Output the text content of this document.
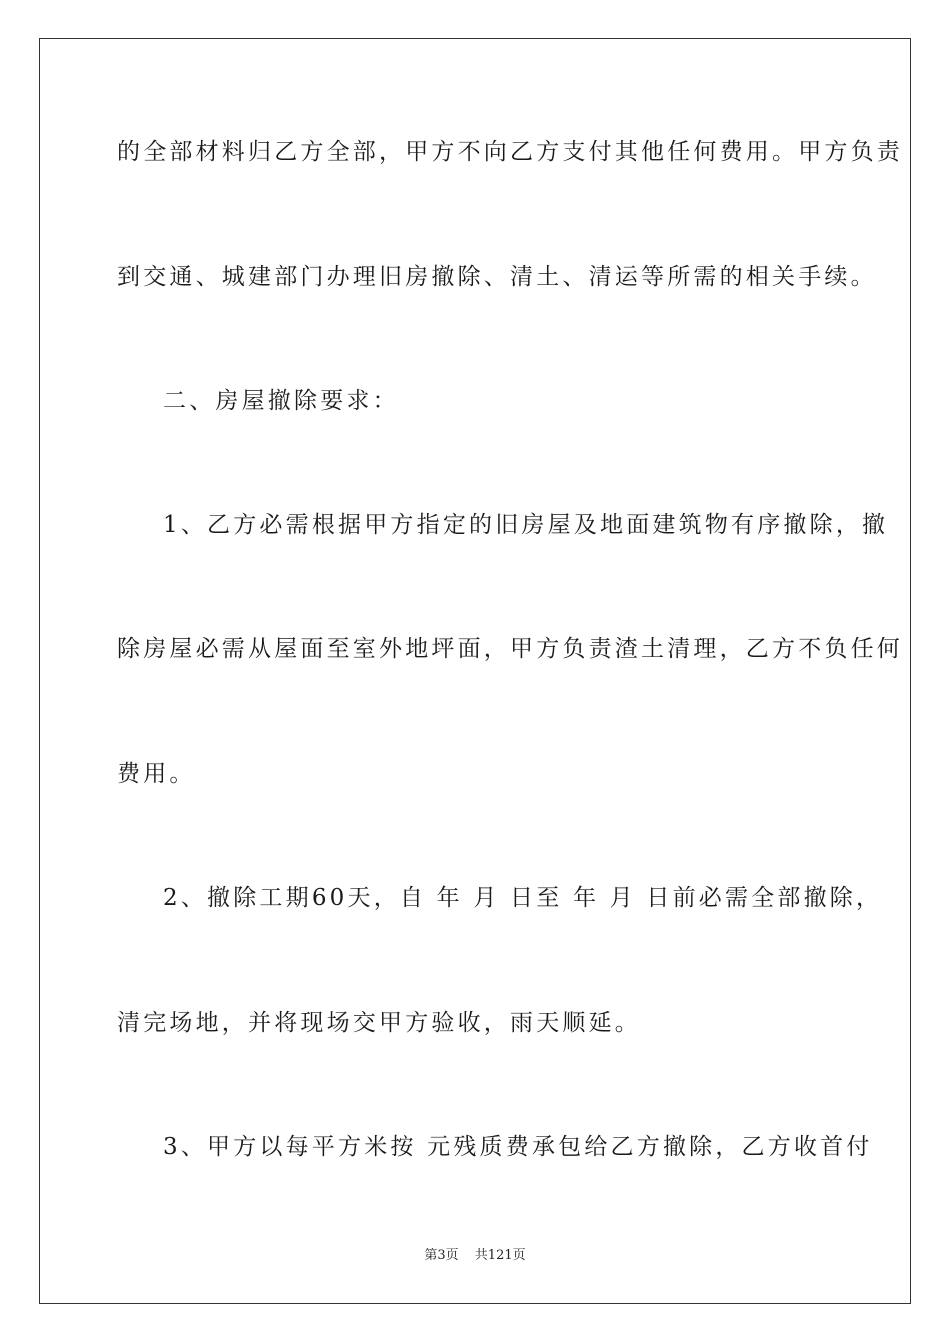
的全部材料归乙方全部，甲方不向乙方支付其他任何费用。甲方负责
到交通、城建部门办理旧房撤除、清土、清运等所需的相关手续。
二、房屋撤除要求：
1、乙方必需根据甲方指定的旧房屋及地面建筑物有序撤除，撤
除房屋必需从屋面至室外地坪面，甲方负责渣土清理，乙方不负任何
费用。
2、撤除工期60天，自 年 月 日至 年 月 日前必需全部撤除，
清完场地，并将现场交甲方验收，雨天顺延。
3、甲方以每平方米按 元残质费承包给乙方撤除，乙方收首付
第3页 共121页
